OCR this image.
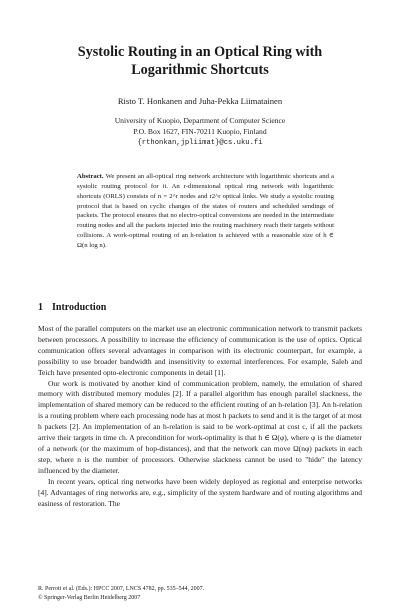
Systolic Routing in an Optical Ring with
Logarithmic Shortcuts
Risto T. Honkanen and Juha-Pekka Liimatainen
University of Kuopio, Department of Computer Science
P.O. Box 1627, FIN-70211 Kuopio, Finland
{rthonkan,jpliimat}@cs.uku.fi

Abstract. We present an all-optical ring network architecture with logarithmic shortcuts and a systolic routing protocol for it. An r-dimensional optical ring network with logarithmic shortcuts (ORLS) consists of n = 2^r nodes and r2^r optical links. We study a systolic routing protocol that is based on cyclic changes of the states of routers and scheduled sendings of packets. The protocol ensures that no electro-optical conversions are needed in the intermediate routing nodes and all the packets injected into the routing machinery reach their targets without collisions. A work-optimal routing of an h-relation is achieved with a reasonable size of h ∈ Ω(n log n).

1 Introduction

Most of the parallel computers on the market use an electronic communication network to transmit packets between processors. A possibility to increase the efficiency of communication is the use of optics. Optical communication offers several advantages in comparison with its electronic counterpart, for example, a possibility to use broader bandwidth and insensitivity to external interferences. For example, Saleh and Teich have presented opto-electronic components in detail [1].

Our work is motivated by another kind of communication problem, namely, the emulation of shared memory with distributed memory modules [2]. If a parallel algorithm has enough parallel slackness, the implementation of shared memory can be reduced to the efficient routing of an h-relation [3]. An h-relation is a routing problem where each processing node has at most h packets to send and it is the target of at most h packets [2]. An implementation of an h-relation is said to be work-optimal at cost c, if all the packets arrive their targets in time ch. A precondition for work-optimality is that h ∈ Ω(φ), where φ is the diameter of a network (or the maximum of hop-distances), and that the network can move Ω(nφ) packets in each step, where n is the number of processors. Otherwise slackness cannot be used to "hide" the latency influenced by the diameter.

In recent years, optical ring networks have been widely deployed as regional and enterprise networks [4]. Advantages of ring networks are, e.g., simplicity of the system hardware and of routing algorithms and easiness of restoration. The

R. Perrott et al. (Eds.): HPCC 2007, LNCS 4782, pp. 535–544, 2007.
© Springer-Verlag Berlin Heidelberg 2007
